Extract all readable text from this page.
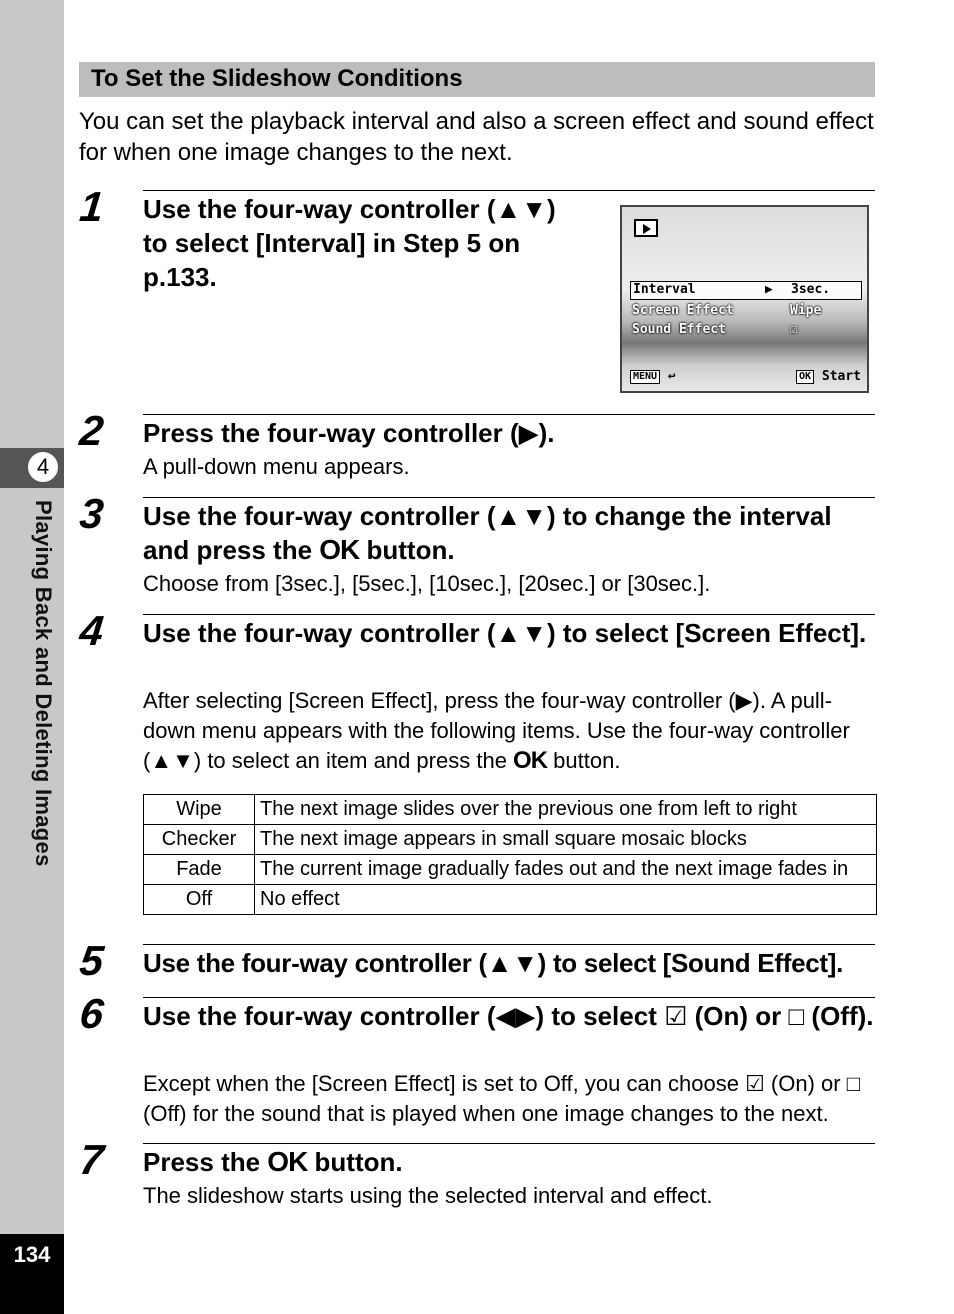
4
Playing Back and Deleting Images
134
To Set the Slideshow Conditions
You can set the playback interval and also a screen effect and sound effect for when one image changes to the next.
1 Use the four-way controller (▲▼)
to select [Interval] in Step 5 on
p.133.	Interval	▶ 3sec.
Screen Effect	Wipe
Sound Effect	☑
MENU ↩	OK Start
2 Press the four-way controller (▶).
A pull-down menu appears.
3 Use the four-way controller (▲▼) to change the interval and press the OK button.
Choose from [3sec.], [5sec.], [10sec.], [20sec.] or [30sec.].
4 Use the four-way controller (▲▼) to select [Screen Effect].
After selecting [Screen Effect], press the four-way controller (▶). A pull-down menu appears with the following items. Use the four-way controller (▲▼) to select an item and press the OK button.
Wipe	The next image slides over the previous one from left to right
Checker	The next image appears in small square mosaic blocks
Fade	The current image gradually fades out and the next image fades in
Off	No effect
5 Use the four-way controller (▲▼) to select [Sound Effect].
6 Use the four-way controller (◀▶) to select ☑ (On) or □ (Off).
Except when the [Screen Effect] is set to Off, you can choose ☑ (On) or □ (Off) for the sound that is played when one image changes to the next.
7 Press the OK button.
The slideshow starts using the selected interval and effect.
